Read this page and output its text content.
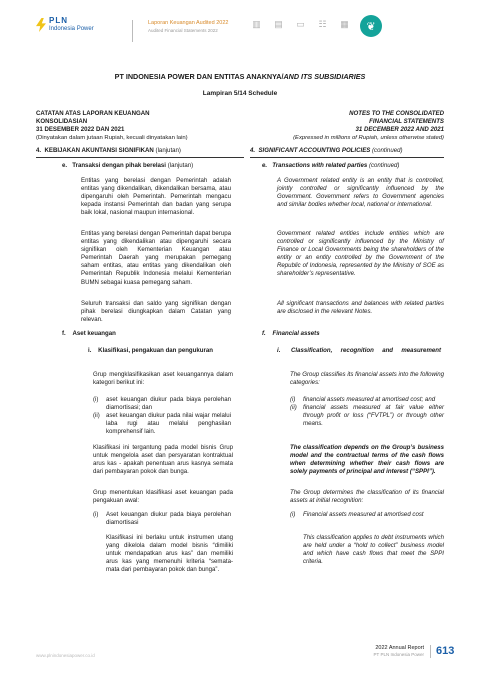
PLN
Indonesia Power
Laporan Keuangan Audited 2022
Audited Financial Statements 2022
▥ ▤ ▭ ☷ ▦	❦
PT INDONESIA POWER DAN ENTITAS ANAKNYA/AND ITS SUBSIDIARIES
Lampiran 5/14 Schedule
CATATAN ATAS LAPORAN KEUANGAN
KONSOLIDASIAN
31 DESEMBER 2022 DAN 2021
(Dinyatakan dalam jutaan Rupiah, kecuali dinyatakan lain)
NOTES TO THE CONSOLIDATED
FINANCIAL STATEMENTS
31 DECEMBER 2022 AND 2021
(Expressed in millions of Rupiah, unless otherwise stated)
4. KEBIJAKAN AKUNTANSI SIGNIFIKAN (lanjutan)	4. SIGNIFICANT ACCOUNTING POLICIES (continued)
e. Transaksi dengan pihak berelasi (lanjutan)	e. Transactions with related parties (continued)
Entitas yang berelasi dengan Pemerintah adalah entitas yang dikendalikan, dikendalikan bersama, atau dipengaruhi oleh Pemerintah. Pemerintah mengacu kepada instansi Pemerintah dan badan yang serupa baik lokal, nasional maupun internasional.
A Government related entity is an entity that is controlled, jointly controlled or significantly influenced by the Government. Government refers to Government agencies and similar bodies whether local, national or international.
Entitas yang berelasi dengan Pemerintah dapat berupa entitas yang dikendalikan atau dipengaruhi secara signifikan oleh Kementerian Keuangan atau Pemerintah Daerah yang merupakan pemegang saham entitas, atau entitas yang dikendalikan oleh Pemerintah Republik Indonesia melalui Kementerian BUMN sebagai kuasa pemegang saham.
Government related entities include entities which are controlled or significantly influenced by the Ministry of Finance or Local Governments being the shareholders of the entity or an entity controlled by the Government of the Republic of Indonesia, represented by the Ministry of SOE as shareholder’s representative.
Seluruh transaksi dan saldo yang signifikan dengan pihak berelasi diungkapkan dalam Catatan yang relevan.
All significant transactions and balances with related parties are disclosed in the relevant Notes.
f. Aset keuangan	f. Financial assets
i. Klasifikasi, pengakuan dan pengukuran	i.	Classification, recognition and measurement
Grup mengklasifikasikan aset keuangannya dalam kategori berikut ini:
The Group classifies its financial assets into the following categories:
(i)	aset keuangan diukur pada biaya perolehan diamortisasi; dan
(ii)	aset keuangan diukur pada nilai wajar melalui laba rugi atau melalui penghasilan komprehensif lain.
(i)	financial assets measured at amortised cost; and
(ii)	financial assets measured at fair value either through profit or loss (“FVTPL”) or through other means.
Klasifikasi ini tergantung pada model bisnis Grup untuk mengelola aset dan persyaratan kontraktual arus kas - apakah penentuan arus kasnya semata dari pembayaran pokok dan bunga.
The classification depends on the Group’s business model and the contractual terms of the cash flows when determining whether their cash flows are solely payments of principal and interest (“SPPI”).
Grup menentukan klasifikasi aset keuangan pada pengakuan awal:
The Group determines the classification of its financial assets at initial recognition:
(i)	Aset keuangan diukur pada biaya perolehan diamortisasi
(i)	Financial assets measured at amortised cost
Klasifikasi ini berlaku untuk instrumen utang yang dikelola dalam model bisnis “dimiliki untuk mendapatkan arus kas” dan memiliki arus kas yang memenuhi kriteria “semata-mata dari pembayaran pokok dan bunga”.
This classification applies to debt instruments which are held under a “hold to collect” business model and which have cash flows that meet the SPPI criteria.
www.plnindonesiapower.co.id
2022 Annual Report
PT PLN Indonesia Power 613
